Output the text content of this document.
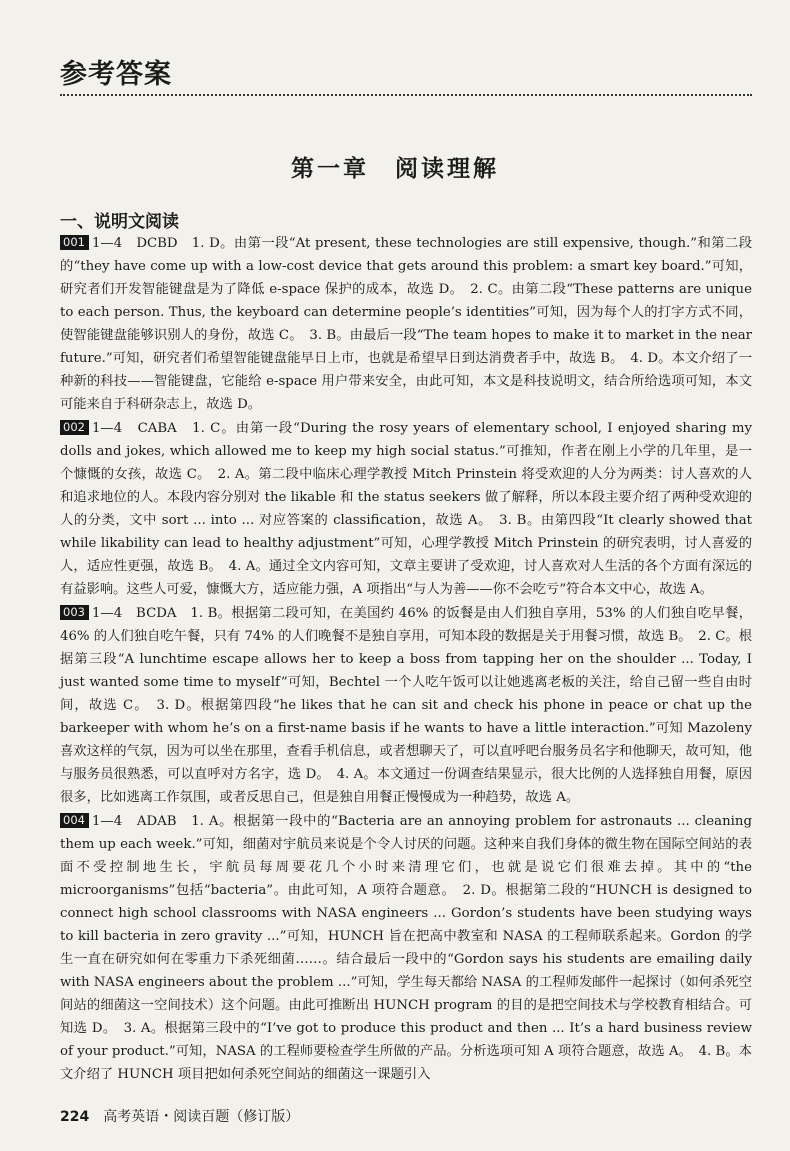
参考答案
第一章　阅读理解
一、说明文阅读

001 1—4　DCBD　1. D。由第一段“At present, these technologies are still expensive, though.”和第二段的“they have come up with a low-cost device that gets around this problem: a smart key board.”可知，研究者们开发智能键盘是为了降低 e-space 保护的成本，故选 D。　2. C。由第二段“These patterns are unique to each person. Thus, the keyboard can determine people’s identities”可知，因为每个人的打字方式不同，使智能键盘能够识别人的身份，故选 C。　3. B。由最后一段“The team hopes to make it to market in the near future.”可知，研究者们希望智能键盘能早日上市，也就是希望早日到达消费者手中，故选 B。　4. D。本文介绍了一种新的科技——智能键盘，它能给 e-space 用户带来安全，由此可知，本文是科技说明文，结合所给选项可知，本文可能来自于科研杂志上，故选 D。

002 1—4　CABA　1. C。由第一段“During the rosy years of elementary school, I enjoyed sharing my dolls and jokes, which allowed me to keep my high social status.”可推知，作者在刚上小学的几年里，是一个慷慨的女孩，故选 C。　2. A。第二段中临床心理学教授 Mitch Prinstein 将受欢迎的人分为两类：讨人喜欢的人和追求地位的人。本段内容分别对 the likable 和 the status seekers 做了解释，所以本段主要介绍了两种受欢迎的人的分类，文中 sort ... into ... 对应答案的 classification，故选 A。　3. B。由第四段“It clearly showed that while likability can lead to healthy adjustment”可知，心理学教授 Mitch Prinstein 的研究表明，讨人喜爱的人，适应性更强，故选 B。　4. A。通过全文内容可知，文章主要讲了受欢迎，讨人喜欢对人生活的各个方面有深远的有益影响。这些人可爱，慷慨大方，适应能力强，A 项指出“与人为善——你不会吃亏”符合本文中心，故选 A。

003 1—4　BCDA　1. B。根据第二段可知，在美国约 46% 的饭餐是由人们独自享用，53% 的人们独自吃早餐，46% 的人们独自吃午餐，只有 74% 的人们晚餐不是独自享用，可知本段的数据是关于用餐习惯，故选 B。　2. C。根据第三段“A lunchtime escape allows her to keep a boss from tapping her on the shoulder ... Today, I just wanted some time to myself”可知，Bechtel 一个人吃午饭可以让她逃离老板的关注，给自己留一些自由时间，故选 C。　3. D。根据第四段“he likes that he can sit and check his phone in peace or chat up the barkeeper with whom he’s on a first-name basis if he wants to have a little interaction.”可知 Mazoleny 喜欢这样的气氛，因为可以坐在那里，查看手机信息，或者想聊天了，可以直呼吧台服务员名字和他聊天，故可知，他与服务员很熟悉，可以直呼对方名字，选 D。　4. A。本文通过一份调查结果显示，很大比例的人选择独自用餐，原因很多，比如逃离工作氛围，或者反思自己，但是独自用餐正慢慢成为一种趋势，故选 A。

004 1—4　ADAB　1. A。根据第一段中的“Bacteria are an annoying problem for astronauts ... cleaning them up each week.”可知，细菌对宇航员来说是个令人讨厌的问题。这种来自我们身体的微生物在国际空间站的表面不受控制地生长，宇航员每周要花几个小时来清理它们，也就是说它们很难去掉。其中的“the microorganisms”包括“bacteria”。由此可知，A 项符合题意。　2. D。根据第二段的“HUNCH is designed to connect high school classrooms with NASA engineers ... Gordon’s students have been studying ways to kill bacteria in zero gravity ...”可知，HUNCH 旨在把高中教室和 NASA 的工程师联系起来。Gordon 的学生一直在研究如何在零重力下杀死细菌……。结合最后一段中的“Gordon says his students are emailing daily with NASA engineers about the problem ...”可知，学生每天都给 NASA 的工程师发邮件一起探讨（如何杀死空间站的细菌这一空间技术）这个问题。由此可推断出 HUNCH program 的目的是把空间技术与学校教育相结合。可知选 D。　3. A。根据第三段中的“I’ve got to produce this product and then ... It’s a hard business review of your product.”可知，NASA 的工程师要检查学生所做的产品。分析选项可知 A 项符合题意，故选 A。　4. B。本文介绍了 HUNCH 项目把如何杀死空间站的细菌这一课题引入

224 高考英语・阅读百题（修订版）
